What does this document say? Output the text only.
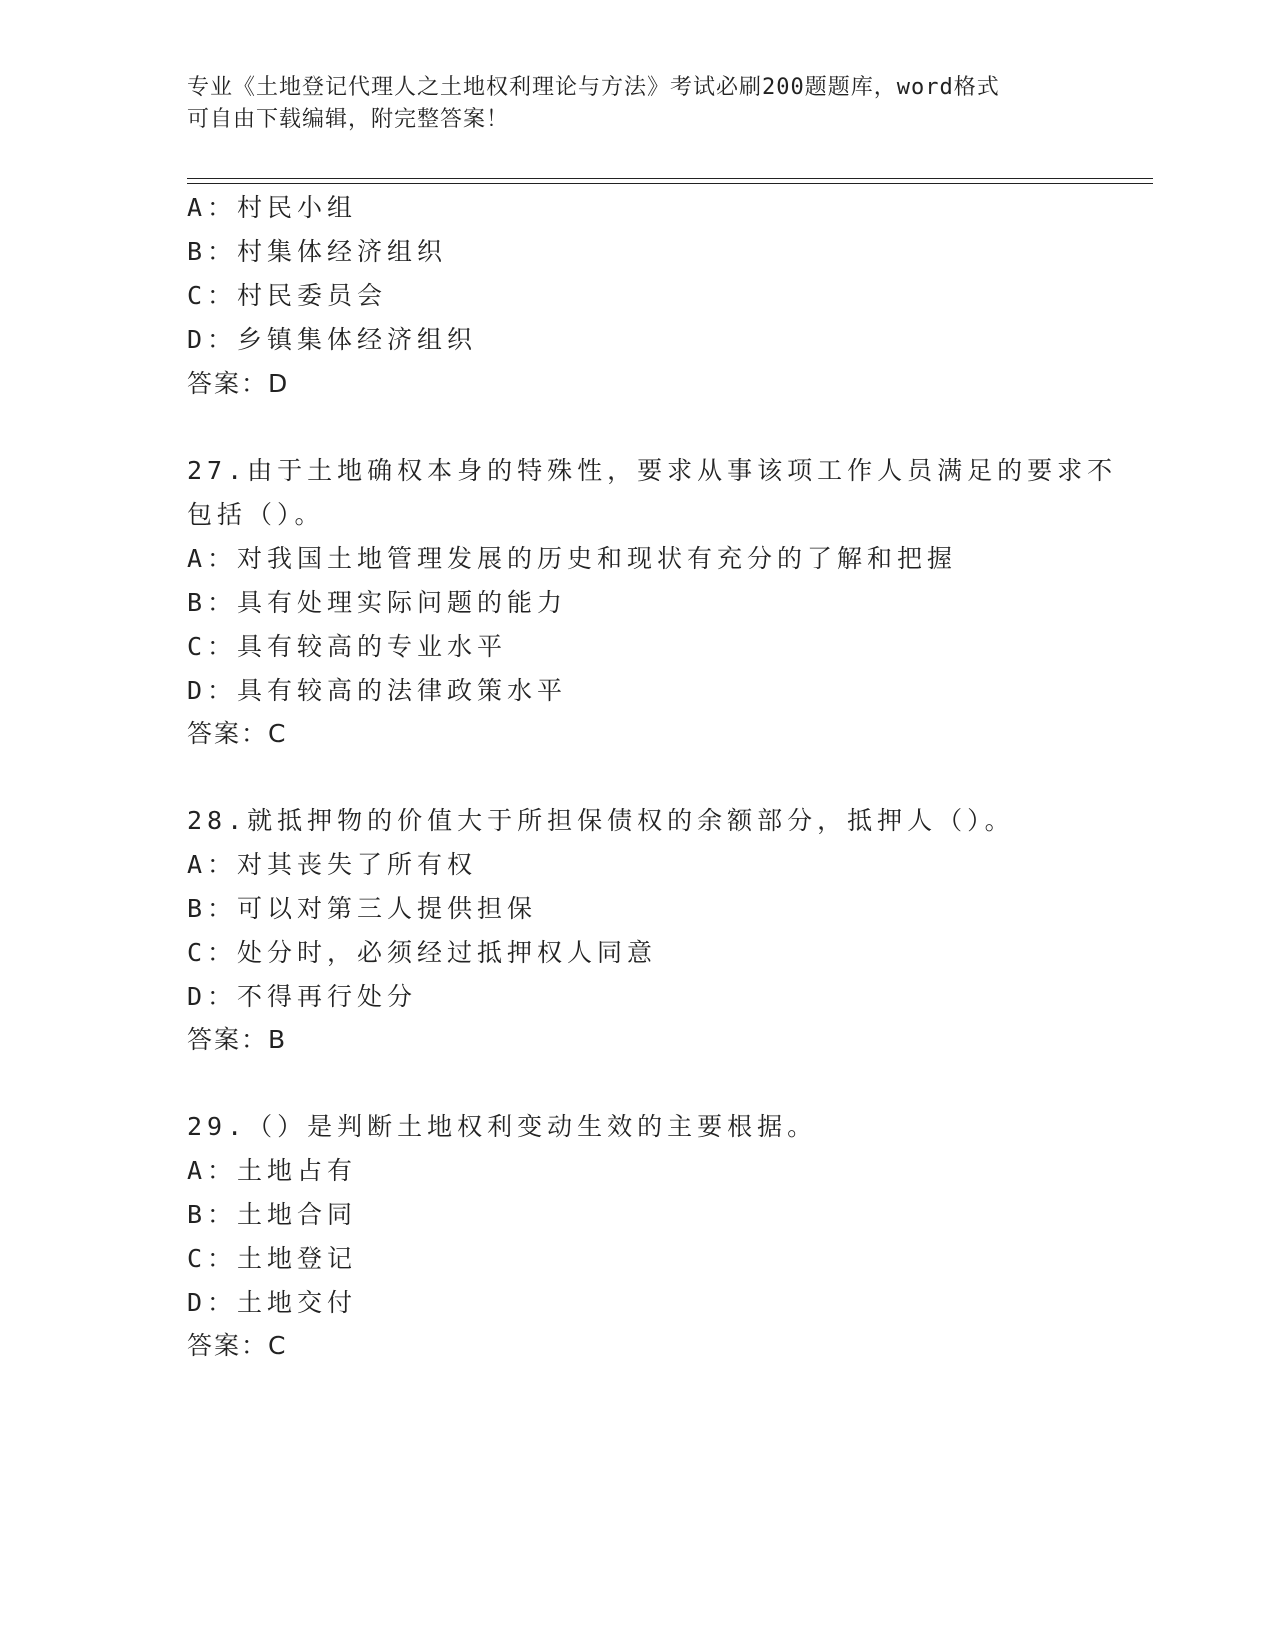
专业《土地登记代理人之土地权利理论与方法》考试必刷200题题库，word格式
可自由下载编辑，附完整答案！
A：村民小组
B：村集体经济组织
C：村民委员会
D：乡镇集体经济组织
答案：D
27.由于土地确权本身的特殊性，要求从事该项工作人员满足的要求不
包括（）。
A：对我国土地管理发展的历史和现状有充分的了解和把握
B：具有处理实际问题的能力
C：具有较高的专业水平
D：具有较高的法律政策水平
答案：C
28.就抵押物的价值大于所担保债权的余额部分，抵押人（）。
A：对其丧失了所有权
B：可以对第三人提供担保
C：处分时，必须经过抵押权人同意
D：不得再行处分
答案：B
29.（）是判断土地权利变动生效的主要根据。
A：土地占有
B：土地合同
C：土地登记
D：土地交付
答案：C
